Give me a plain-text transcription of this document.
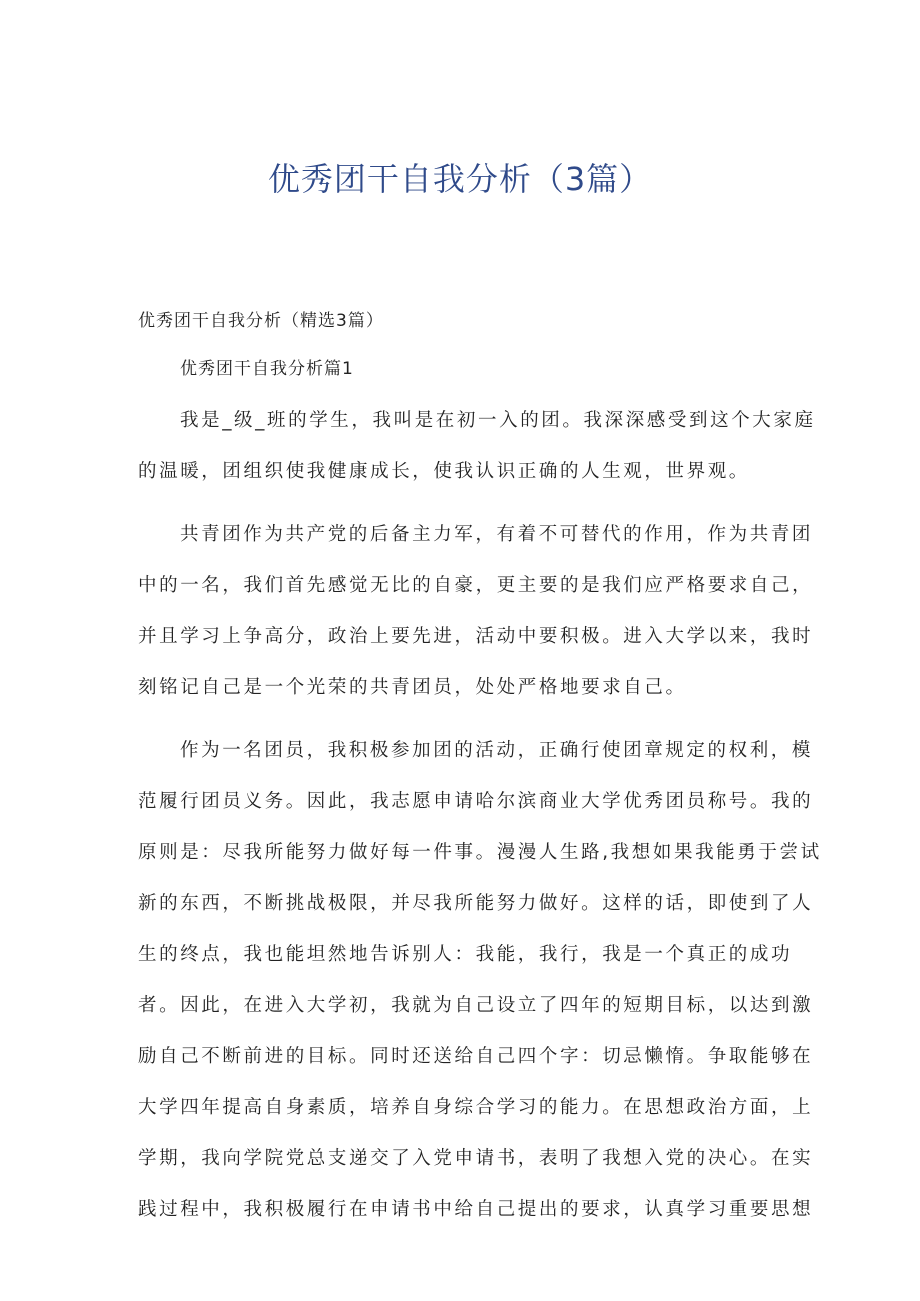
优秀团干自我分析（3篇）

优秀团干自我分析（精选3篇）

优秀团干自我分析篇1

我是_级_班的学生，我叫是在初一入的团。我深深感受到这个大家庭
的温暖，团组织使我健康成长，使我认识正确的人生观，世界观。
共青团作为共产党的后备主力军，有着不可替代的作用，作为共青团
中的一名，我们首先感觉无比的自豪，更主要的是我们应严格要求自己，
并且学习上争高分，政治上要先进，活动中要积极。进入大学以来，我时
刻铭记自己是一个光荣的共青团员，处处严格地要求自己。
作为一名团员，我积极参加团的活动，正确行使团章规定的权利，模
范履行团员义务。因此，我志愿申请哈尔滨商业大学优秀团员称号。我的
原则是：尽我所能努力做好每一件事。漫漫人生路,我想如果我能勇于尝试
新的东西，不断挑战极限，并尽我所能努力做好。这样的话，即使到了人
生的终点，我也能坦然地告诉别人：我能，我行，我是一个真正的成功
者。因此，在进入大学初，我就为自己设立了四年的短期目标，以达到激
励自己不断前进的目标。同时还送给自己四个字：切忌懒惰。争取能够在
大学四年提高自身素质，培养自身综合学习的能力。在思想政治方面，上
学期，我向学院党总支递交了入党申请书，表明了我想入党的决心。在实
践过程中，我积极履行在申请书中给自己提出的要求，认真学习重要思想
